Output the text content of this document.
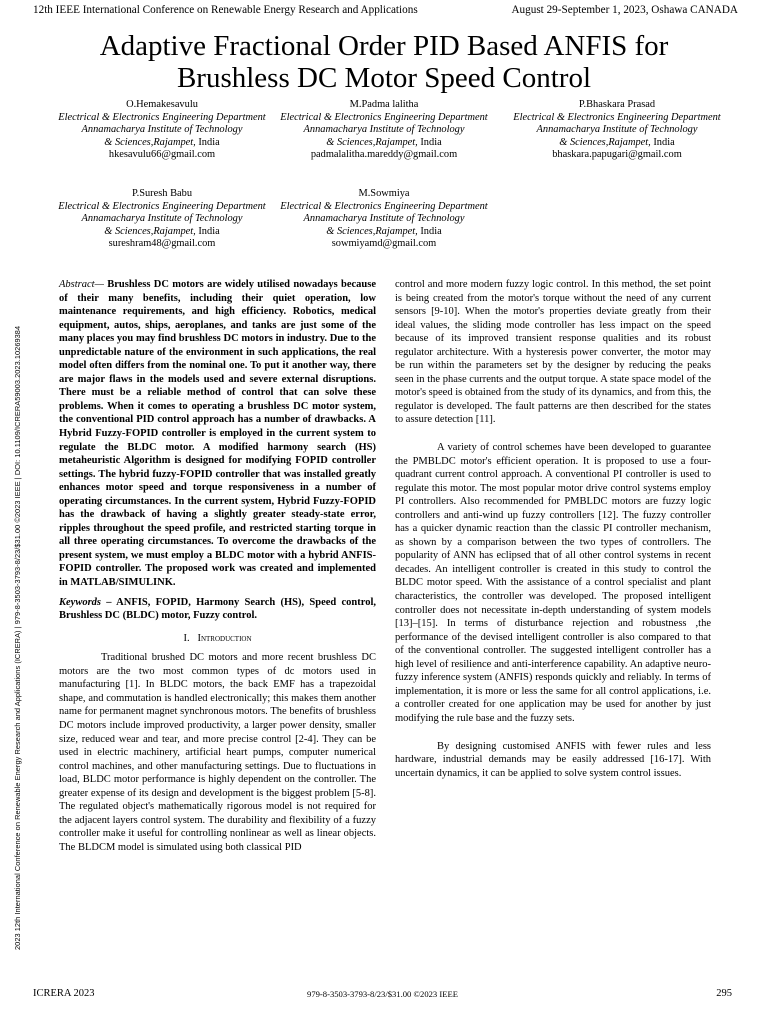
12th IEEE International Conference on Renewable Energy Research and Applications	August 29-September 1, 2023, Oshawa CANADA
Adaptive Fractional Order PID Based ANFIS for
Brushless DC Motor Speed Control
2023 12th International Conference on Renewable Energy Research and Applications (ICRERA) | 979-8-3503-3793-8/23/$31.00 ©2023 IEEE | DOI: 10.1109/ICRERA59003.2023.10269384
O.Hemakesavulu
Electrical & Electronics Engineering Department
Annamacharya Institute of Technology
& Sciences,Rajampet, India
hkesavulu66@gmail.com
M.Padma lalitha
Electrical & Electronics Engineering Department
Annamacharya Institute of Technology
& Sciences,Rajampet, India
padmalalitha.mareddy@gmail.com
P.Bhaskara Prasad
Electrical & Electronics Engineering Department
Annamacharya Institute of Technology
& Sciences,Rajampet, India
bhaskara.papugari@gmail.com
P.Suresh Babu
Electrical & Electronics Engineering Department
Annamacharya Institute of Technology
& Sciences,Rajampet, India
sureshram48@gmail.com
M.Sowmiya
Electrical & Electronics Engineering Department
Annamacharya Institute of Technology
& Sciences,Rajampet, India
sowmiyamd@gmail.com

Abstract— Brushless DC motors are widely utilised nowadays because of their many benefits, including their quiet operation, low maintenance requirements, and high efficiency. Robotics, medical equipment, autos, ships, aeroplanes, and tanks are just some of the many places you may find brushless DC motors in industry. Due to the unpredictable nature of the environment in such applications, the real model often differs from the nominal one. To put it another way, there are major flaws in the models used and severe external disruptions. There must be a reliable method of control that can solve these problems. When it comes to operating a brushless DC motor system, the conventional PID control approach has a number of drawbacks. A Hybrid Fuzzy-FOPID controller is employed in the current system to regulate the BLDC motor. A modified harmony search (HS) metaheuristic Algorithm is designed for modifying FOPID controller settings. The hybrid fuzzy-FOPID controller that was installed greatly enhances motor speed and torque responsiveness in a number of operating circumstances. In the current system, Hybrid Fuzzy-FOPID has the drawback of having a slightly greater steady-state error, ripples throughout the speed profile, and restricted starting torque in all three operating circumstances. To overcome the drawbacks of the present system, we must employ a BLDC motor with a hybrid ANFIS-FOPID controller. The proposed work was created and implemented in MATLAB/SIMULINK.

Keywords – ANFIS, FOPID, Harmony Search (HS), Speed control, Brushless DC (BLDC) motor, Fuzzy control.

I. Introduction

Traditional brushed DC motors and more recent brushless DC motors are the two most common types of dc motors used in manufacturing [1]. In BLDC motors, the back EMF has a trapezoidal shape, and commutation is handled electronically; this makes them another name for permanent magnet synchronous motors. The benefits of brushless DC motors include improved productivity, a larger power density, smaller size, reduced wear and tear, and more precise control [2-4]. They can be used in electric machinery, artificial heart pumps, computer numerical control machines, and other manufacturing settings. Due to fluctuations in load, BLDC motor performance is highly dependent on the controller. The greater expense of its design and development is the biggest problem [5-8]. The regulated object's mathematically rigorous model is not required for the adjacent layers control system. The durability and flexibility of a fuzzy controller make it useful for controlling nonlinear as well as linear objects. The BLDCM model is simulated using both classical PID

control and more modern fuzzy logic control. In this method, the set point is being created from the motor's torque without the need of any current sensors [9-10]. When the motor's properties deviate greatly from their ideal values, the sliding mode controller has less impact on the speed because of its improved transient response qualities and its robust regulator architecture. With a hysteresis power converter, the motor may be run within the parameters set by the designer by reducing the peaks seen in the phase currents and the output torque. A state space model of the motor's speed is obtained from the study of its dynamics, and from this, the regulator is developed. The fault patterns are then described for the states to assure detection [11].

A variety of control schemes have been developed to guarantee the PMBLDC motor's efficient operation. It is proposed to use a four-quadrant current control approach. A conventional PI controller is used to regulate this motor. The most popular motor drive control systems employ PI controllers. Also recommended for PMBLDC motors are fuzzy logic controllers and anti-wind up fuzzy controllers [12]. The fuzzy controller has a quicker dynamic reaction than the classic PI controller mechanism, as shown by a comparison between the two types of controllers. The popularity of ANN has eclipsed that of all other control systems in recent decades. An intelligent controller is created in this study to control the BLDC motor speed. With the assistance of a control specialist and plant characteristics, the controller was developed. The proposed intelligent controller does not necessitate in-depth understanding of system models [13]–[15]. In terms of disturbance rejection and robustness ,the performance of the devised intelligent controller is also compared to that of the conventional controller. The suggested intelligent controller has a high level of resilience and anti-interference capability. An adaptive neuro-fuzzy inference system (ANFIS) responds quickly and reliably. In terms of implementation, it is more or less the same for all control applications, i.e. a controller created for one application may be used for another by just modifying the rule base and the fuzzy sets.

By designing customised ANFIS with fewer rules and less hardware, industrial demands may be easily addressed [16-17]. With uncertain dynamics, it can be applied to solve system control issues.

ICRERA 2023	979-8-3503-3793-8/23/$31.00 ©2023 IEEE	295
